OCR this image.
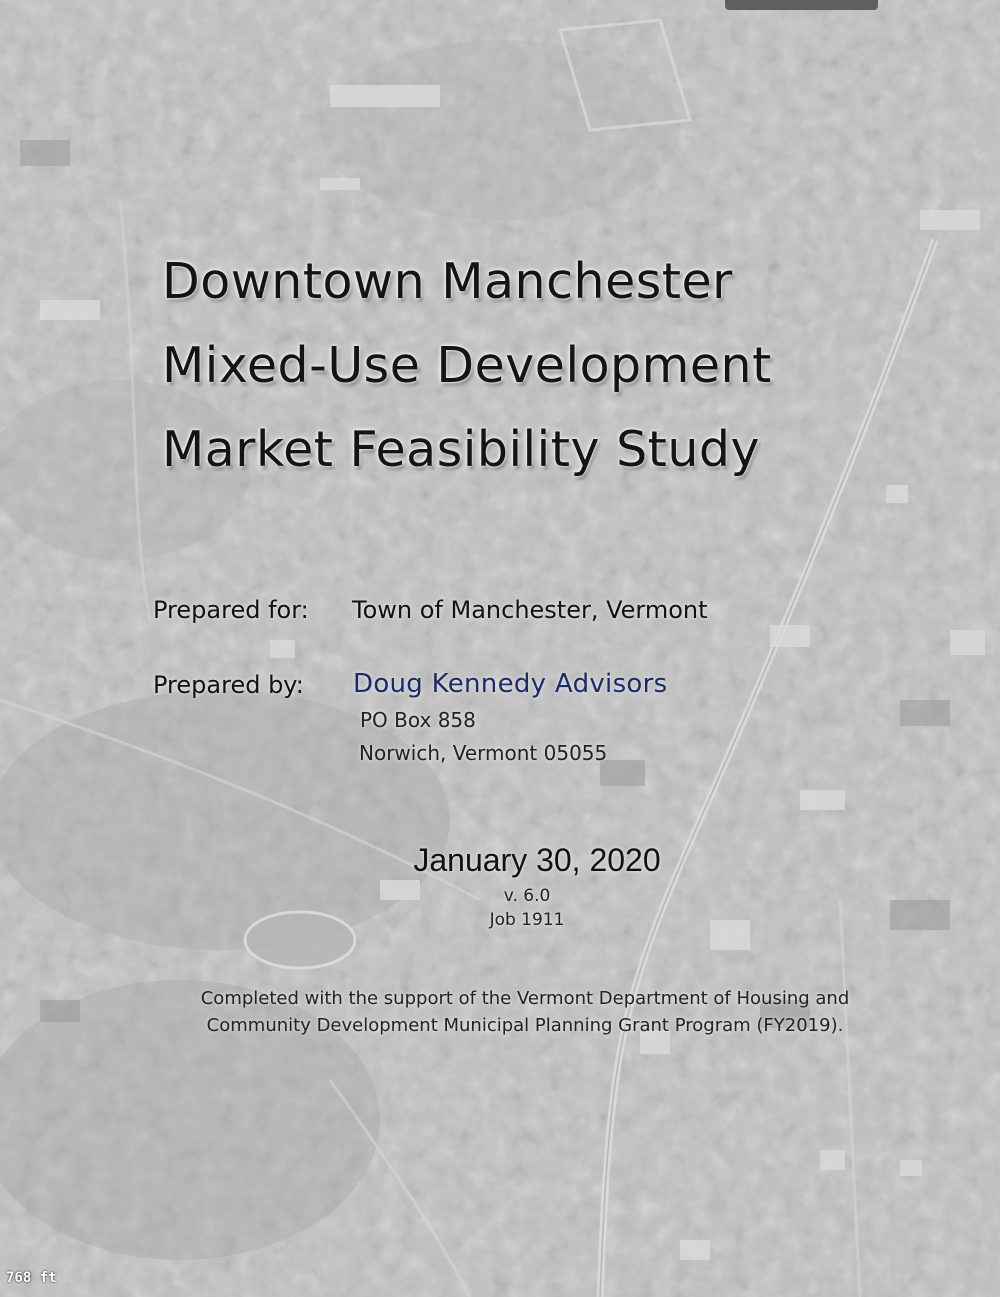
Downtown Manchester
Mixed-Use Development
Market Feasibility Study
Prepared for: Town of Manchester, Vermont
Prepared by: Doug Kennedy Advisors
PO Box 858
Norwich, Vermont 05055
January 30, 2020
v. 6.0
Job 1911
Completed with the support of the Vermont Department of Housing and
Community Development Municipal Planning Grant Program (FY2019).
768 ft
